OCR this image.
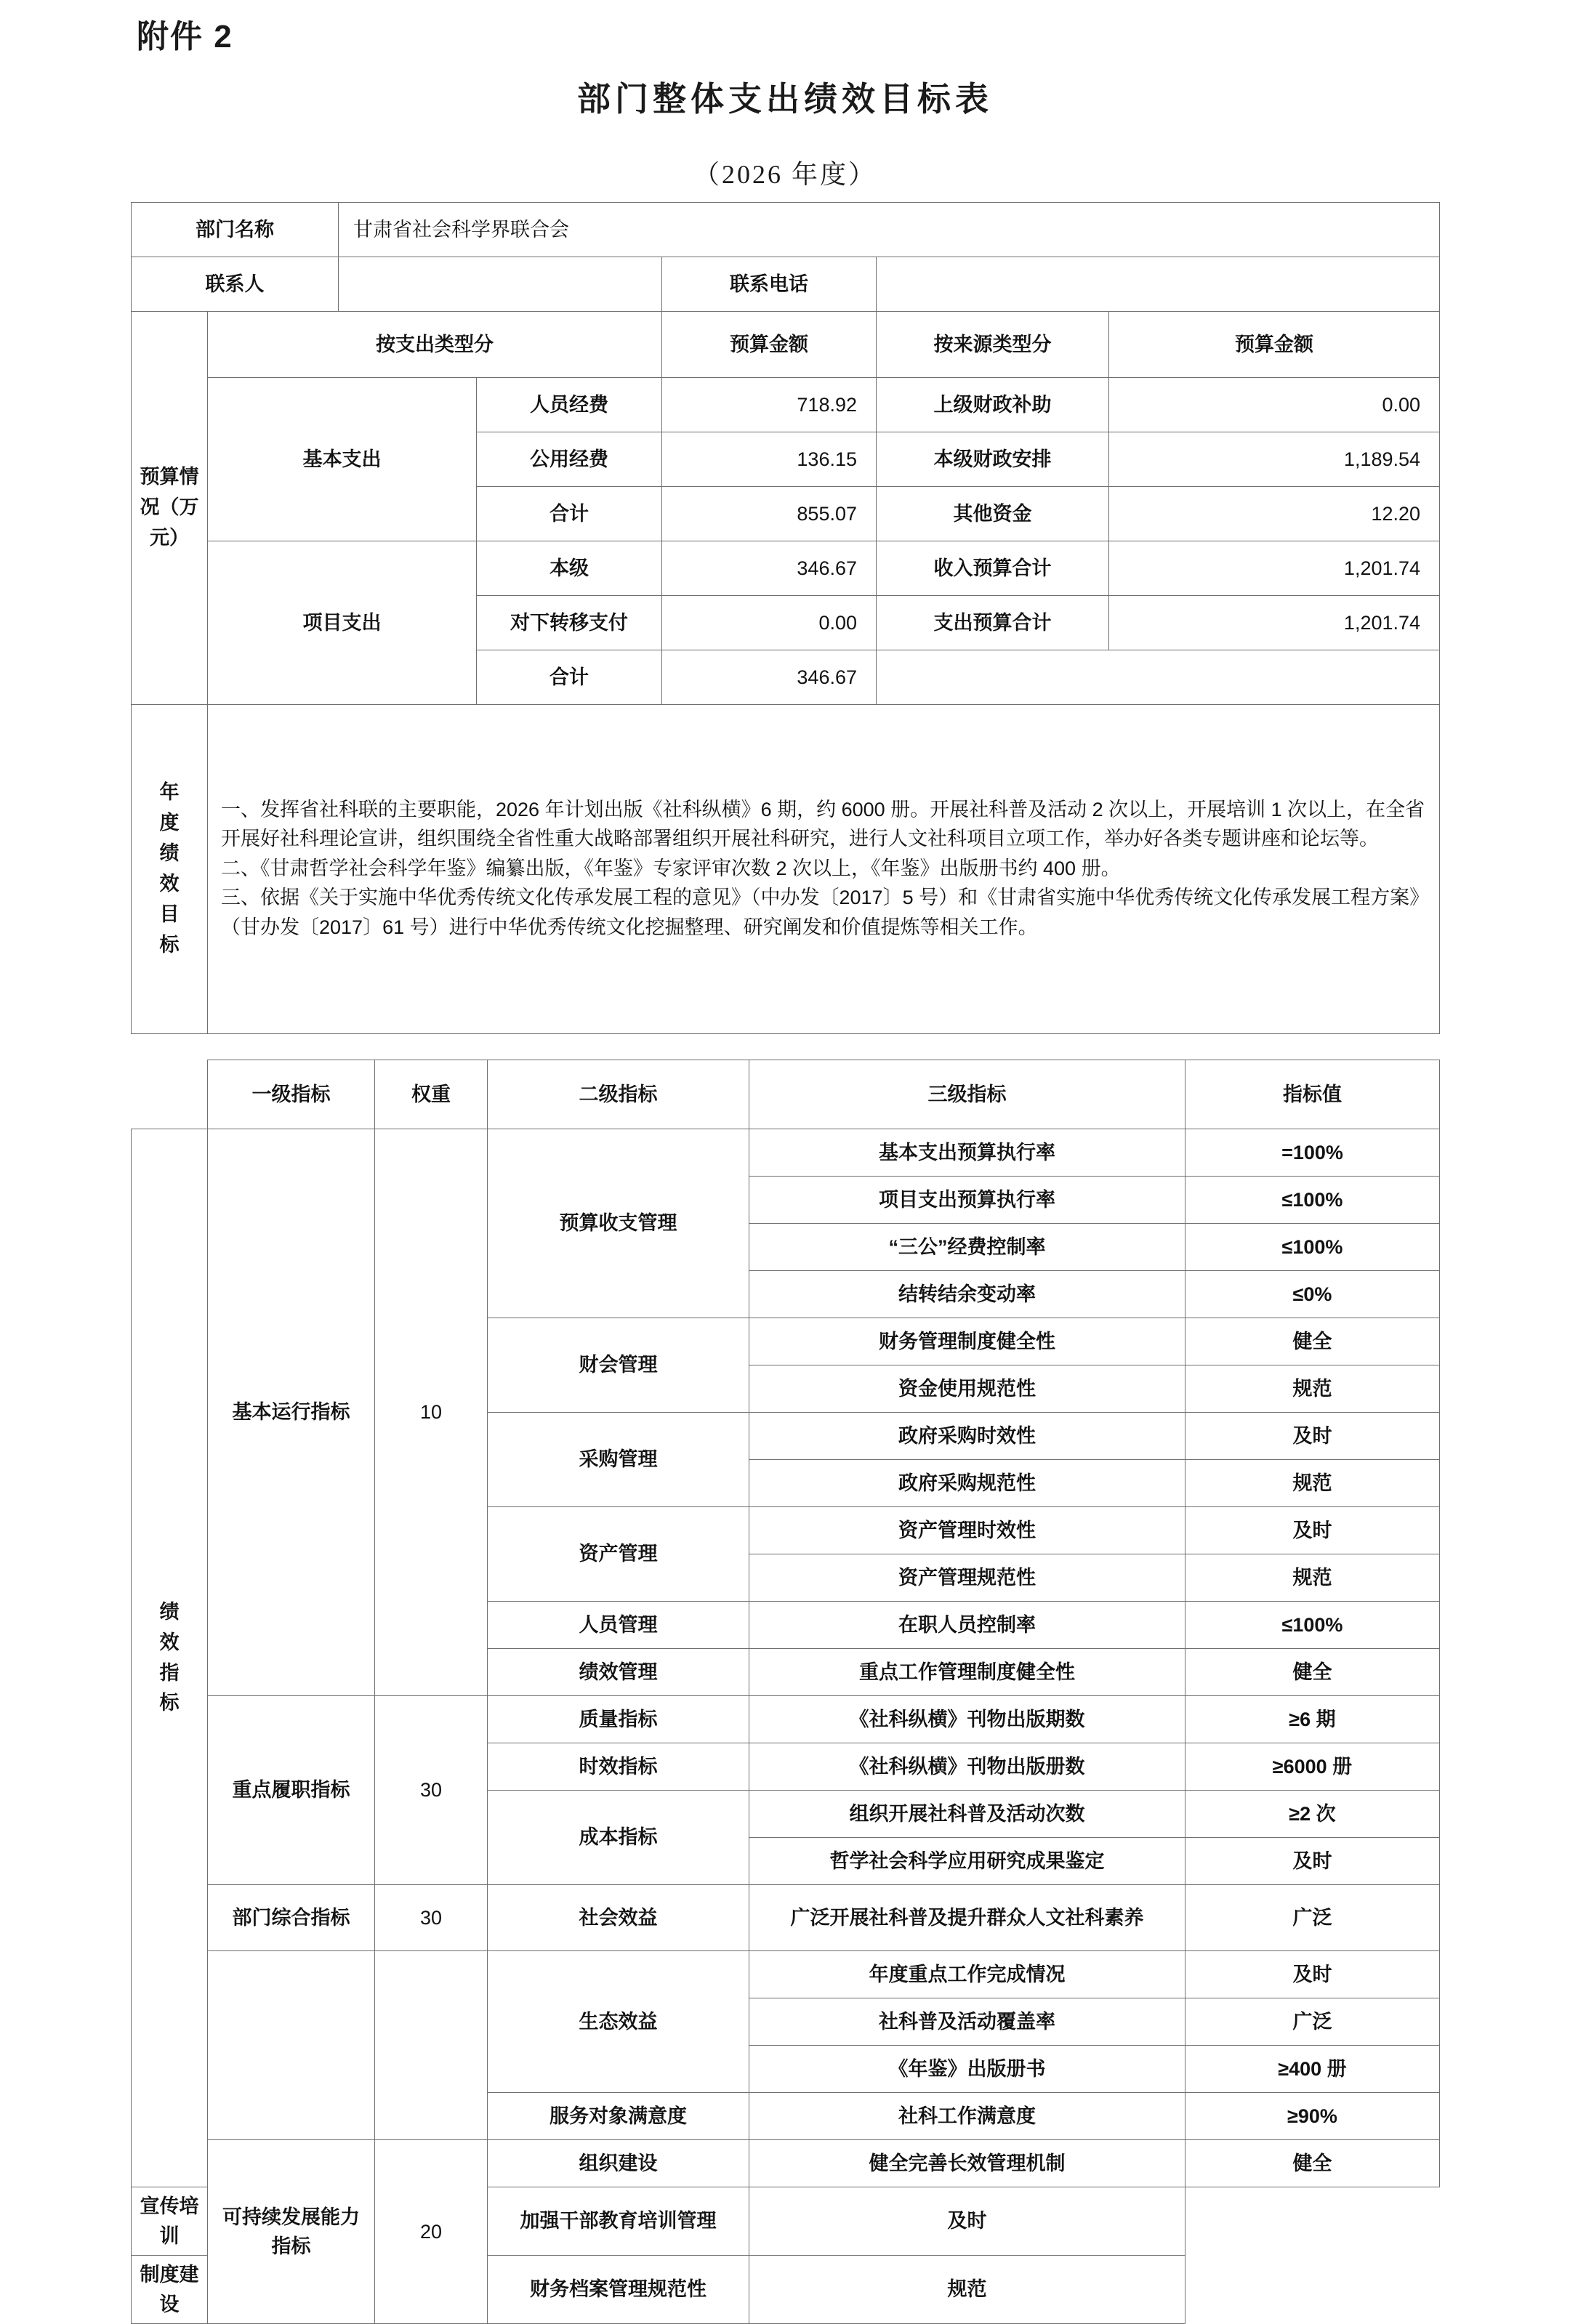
附件 2
部门整体支出绩效目标表
（2026 年度）
部门名称		甘肃省社会科学界联合会				
联系人				联系电话		

预算情况（万元）	按支出类型分			预算金额	按来源类型分	预算金额
	基本支出		人员经费	718.92	上级财政补助	0.00
			公用经费	136.15	本级财政安排	1,189.54
			合计	855.07	其他资金	12.20
	项目支出		本级	346.67	收入预算合计	1,201.74
			对下转移支付	0.00	支出预算合计	1,201.74
			合计	346.67		

年
度
绩
效
目
标

一、发挥省社科联的主要职能，2026 年计划出版《社科纵横》6 期，约 6000 册。开展社科普及活动 2 次以上，开展培训 1 次以上，在全省开展好社科理论宣讲，组织围绕全省性重大战略部署组织开展社科研究，进行人文社科项目立项工作，举办好各类专题讲座和论坛等。

二、《甘肃哲学社会科学年鉴》编纂出版，《年鉴》专家评审次数 2 次以上，《年鉴》出版册书约 400 册。

三、依据《关于实施中华优秀传统文化传承发展工程的意见》（中办发〔2017〕5 号）和《甘肃省实施中华优秀传统文化传承发展工程方案》（甘办发〔2017〕61 号）进行中华优秀传统文化挖掘整理、研究阐发和价值提炼等相关工作。

	一级指标	权重	二级指标	三级指标	指标值

绩
效
指
标	基本运行指标	10	预算收支管理	基本支出预算执行率	=100%
				项目支出预算执行率	≤100%
				“三公”经费控制率	≤100%
				结转结余变动率	≤0%
			财会管理	财务管理制度健全性	健全
				资金使用规范性	规范
			采购管理	政府采购时效性	及时
				政府采购规范性	规范
			资产管理	资产管理时效性	及时
				资产管理规范性	规范
			人员管理	在职人员控制率	≤100%
			绩效管理	重点工作管理制度健全性	健全
	重点履职指标	30	质量指标	《社科纵横》刊物出版期数	≥6 期
			时效指标	《社科纵横》刊物出版册数	≥6000 册
			成本指标	组织开展社科普及活动次数	≥2 次
				哲学社会科学应用研究成果鉴定	及时
	部门综合指标	30	社会效益	广泛开展社科普及提升群众人文社科素养	广泛
			生态效益	年度重点工作完成情况	及时
				社科普及活动覆盖率	广泛
				《年鉴》出版册书	≥400 册
			服务对象满意度	社科工作满意度	≥90%
	可持续发展能力指标	20	组织建设	健全完善长效管理机制	健全
宣传培训			加强干部教育培训管理	及时	
制度建设			财务档案管理规范性	规范	
